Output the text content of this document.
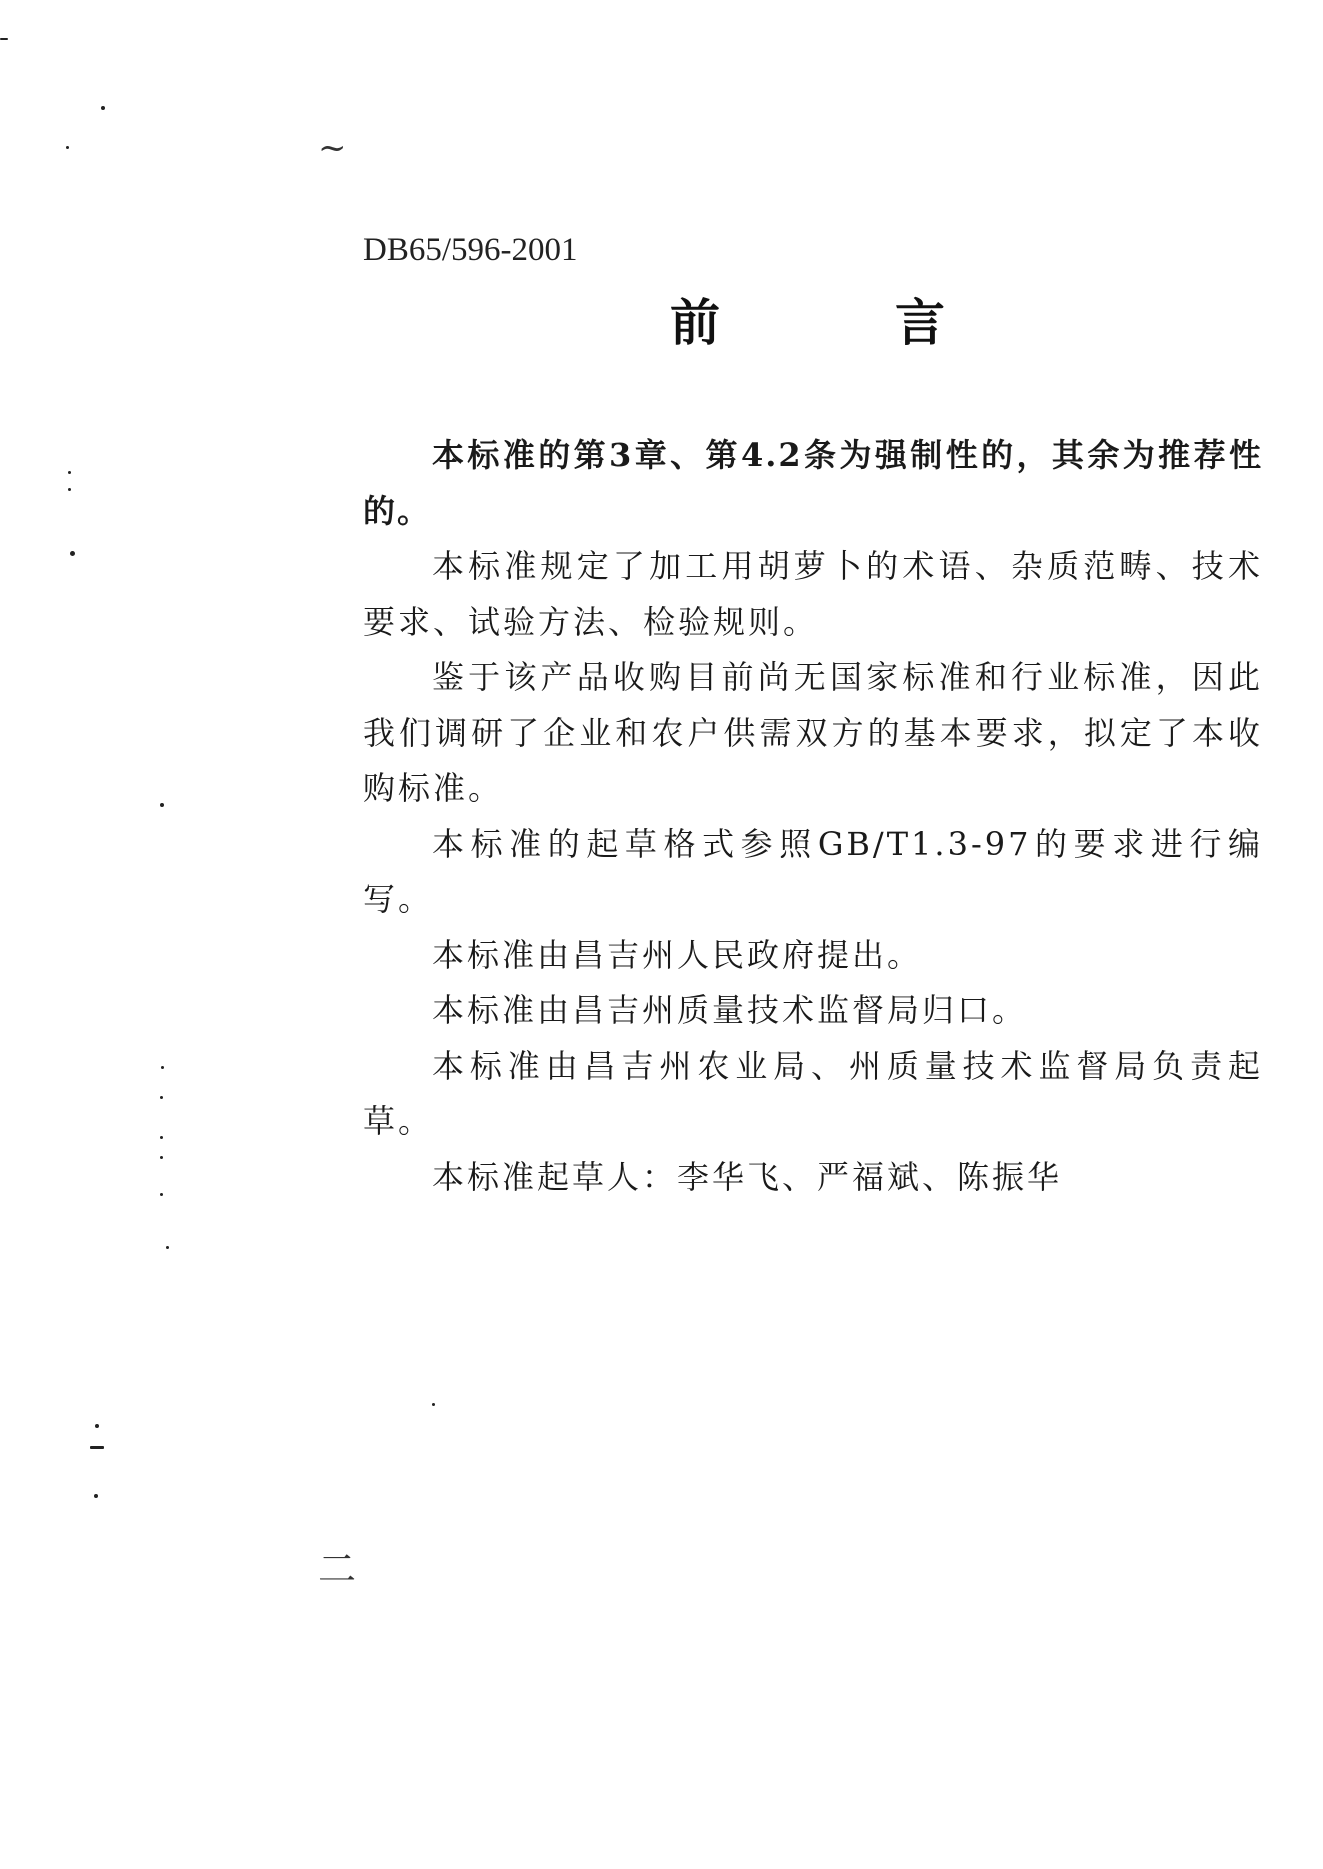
~
二
DB65/596-2001
前	言

本标准的第3章、第4.2条为强制性的，其余为推荐性的。

本标准规定了加工用胡萝卜的术语、杂质范畴、技术要求、试验方法、检验规则。

鉴于该产品收购目前尚无国家标准和行业标准，因此我们调研了企业和农户供需双方的基本要求，拟定了本收购标准。

本标准的起草格式参照GB/T1.3-97的要求进行编写。

本标准由昌吉州人民政府提出。

本标准由昌吉州质量技术监督局归口。

本标准由昌吉州农业局、州质量技术监督局负责起草。

本标准起草人：李华飞、严福斌、陈振华
